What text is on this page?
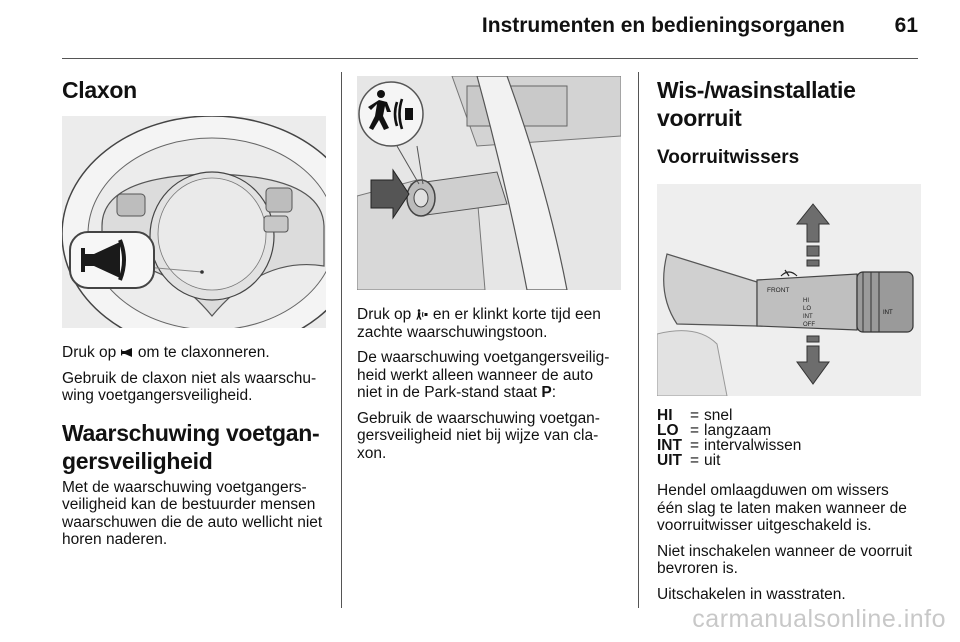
Instrumenten en bedieningsorganen 61
Claxon

Druk op om te claxonneren.

Gebruik de claxon niet als waarschu-
wing voetgangersveiligheid.

Waarschuwing voetgan-
gersveiligheid

Met de waarschuwing voetgangers-
veiligheid kan de bestuurder mensen
waarschuwen die de auto wellicht niet
horen naderen.

Druk op en er klinkt korte tijd een
zachte waarschuwingstoon.

De waarschuwing voetgangersveilig-
heid werkt alleen wanneer de auto
niet in de Park-stand staat P:

Gebruik de waarschuwing voetgan-
gersveiligheid niet bij wijze van cla-
xon.

Wis-/wasinstallatie voorruit
Voorruitwissers
FRONT
HI
LO
INT
OFF
INT
HI	=	snel
LO	=	langzaam
INT	=	intervalwissen
UIT	=	uit

Hendel omlaagduwen om wissers
één slag te laten maken wanneer de
voorruitwisser uitgeschakeld is.

Niet inschakelen wanneer de voorruit
bevroren is.

Uitschakelen in wasstraten.

carmanualsonline.info
